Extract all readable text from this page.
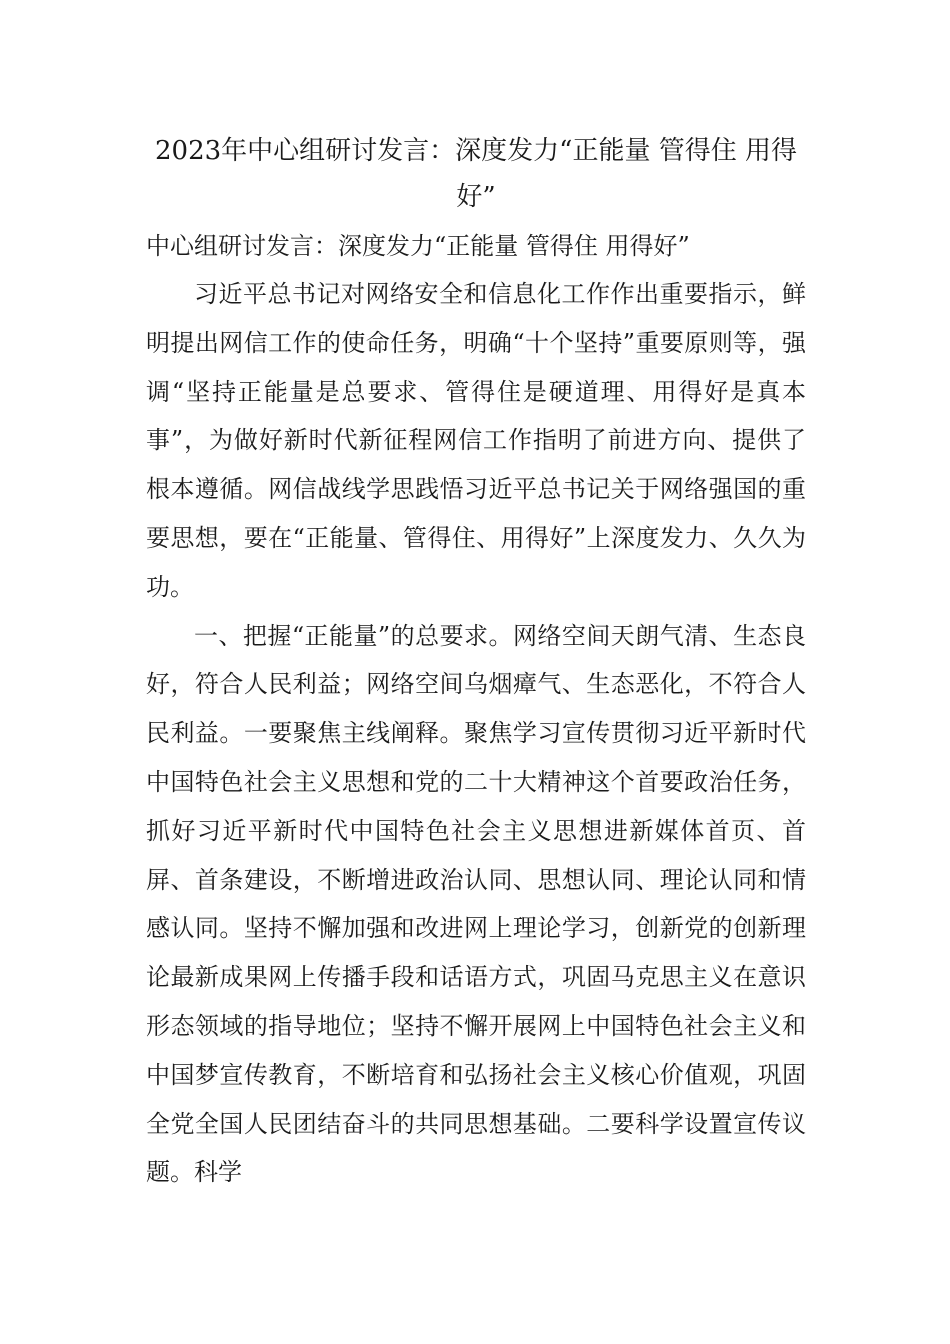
2023年中心组研讨发言：深度发力“正能量 管得住 用得好”
中心组研讨发言：深度发力“正能量 管得住 用得好”

习近平总书记对网络安全和信息化工作作出重要指示，鲜明提出网信工作的使命任务，明确“十个坚持”重要原则等，强调“坚持正能量是总要求、管得住是硬道理、用得好是真本事”，为做好新时代新征程网信工作指明了前进方向、提供了根本遵循。网信战线学思践悟习近平总书记关于网络强国的重要思想，要在“正能量、管得住、用得好”上深度发力、久久为功。

一、把握“正能量”的总要求。网络空间天朗气清、生态良好，符合人民利益；网络空间乌烟瘴气、生态恶化，不符合人民利益。一要聚焦主线阐释。聚焦学习宣传贯彻习近平新时代中国特色社会主义思想和党的二十大精神这个首要政治任务，抓好习近平新时代中国特色社会主义思想进新媒体首页、首屏、首条建设，不断增进政治认同、思想认同、理论认同和情感认同。坚持不懈加强和改进网上理论学习，创新党的创新理论最新成果网上传播手段和话语方式，巩固马克思主义在意识形态领域的指导地位；坚持不懈开展网上中国特色社会主义和中国梦宣传教育，不断培育和弘扬社会主义核心价值观，巩固全党全国人民团结奋斗的共同思想基础。二要科学设置宣传议题。科学
